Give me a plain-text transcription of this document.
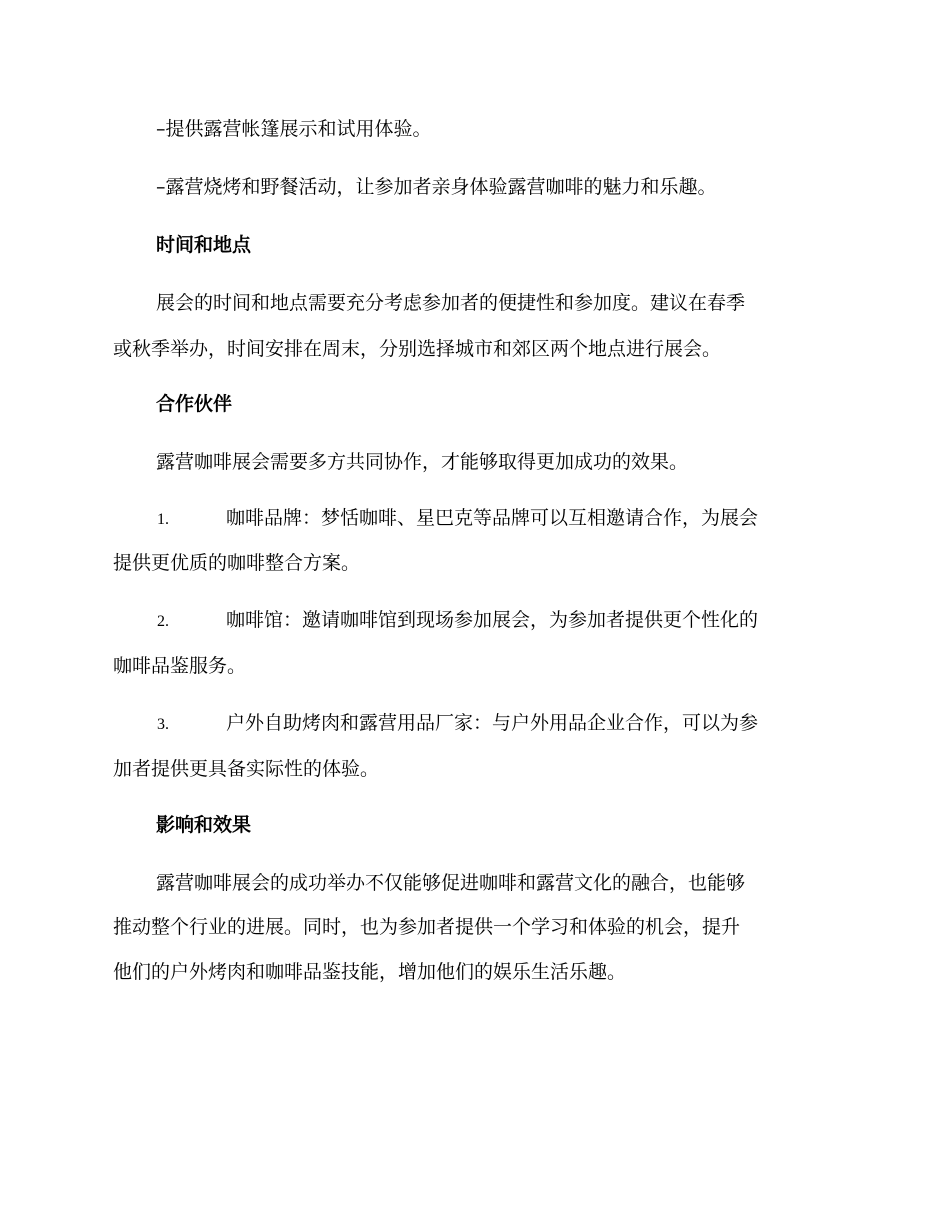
–提供露营帐篷展示和试用体验。
–露营烧烤和野餐活动，让参加者亲身体验露营咖啡的魅力和乐趣。
时间和地点
展会的时间和地点需要充分考虑参加者的便捷性和参加度。建议在春季
或秋季举办，时间安排在周末，分别选择城市和郊区两个地点进行展会。
合作伙伴
露营咖啡展会需要多方共同协作，才能够取得更加成功的效果。
1.	咖啡品牌：梦恬咖啡、星巴克等品牌可以互相邀请合作，为展会
提供更优质的咖啡整合方案。
2.	咖啡馆：邀请咖啡馆到现场参加展会，为参加者提供更个性化的
咖啡品鉴服务。
3.	户外自助烤肉和露营用品厂家：与户外用品企业合作，可以为参
加者提供更具备实际性的体验。
影响和效果
露营咖啡展会的成功举办不仅能够促进咖啡和露营文化的融合，也能够
推动整个行业的进展。同时，也为参加者提供一个学习和体验的机会，提升
他们的户外烤肉和咖啡品鉴技能，增加他们的娱乐生活乐趣。
